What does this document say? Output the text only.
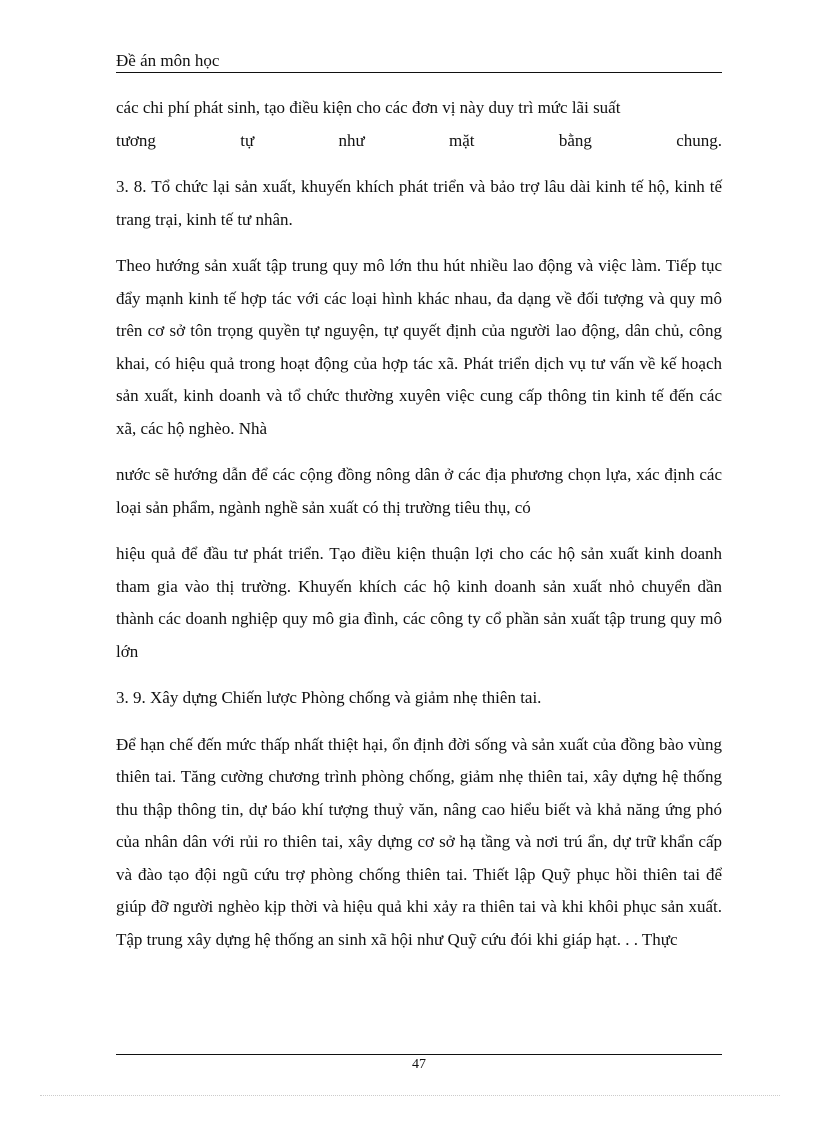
Đề án môn học

các chi phí phát sinh, tạo điều kiện cho các đơn vị này duy trì mức lãi suất

tương tự như mặt bằng chung.

3. 8. Tổ chức lại sản xuất, khuyến khích phát triển và bảo trợ lâu dài kinh tế hộ, kinh tế trang trại, kinh tế tư nhân.

Theo hướng sản xuất tập trung quy mô lớn thu hút nhiều lao động và việc làm. Tiếp tục đẩy mạnh kinh tế hợp tác với các loại hình khác nhau, đa dạng về đối tượng và quy mô trên cơ sở tôn trọng quyền tự nguyện, tự quyết định của người lao động, dân chủ, công khai, có hiệu quả trong hoạt động của hợp tác xã. Phát triển dịch vụ tư vấn về kế hoạch sản xuất, kinh doanh và tổ chức thường xuyên việc cung cấp thông tin kinh tế đến các xã, các hộ nghèo. Nhà

nước sẽ hướng dẫn để các cộng đồng nông dân ở các địa phương chọn lựa, xác định các loại sản phẩm, ngành nghề sản xuất có thị trường tiêu thụ, có

hiệu quả để đầu tư phát triển. Tạo điều kiện thuận lợi cho các hộ sản xuất kinh doanh tham gia vào thị trường. Khuyến khích các hộ kinh doanh sản xuất nhỏ chuyển dần thành các doanh nghiệp quy mô gia đình, các công ty cổ phần sản xuất tập trung quy mô lớn

3. 9. Xây dựng Chiến lược Phòng chống và giảm nhẹ thiên tai.

Để hạn chế đến mức thấp nhất thiệt hại, ổn định đời sống và sản xuất của đồng bào vùng thiên tai. Tăng cường chương trình phòng chống, giảm nhẹ thiên tai, xây dựng hệ thống thu thập thông tin, dự báo khí tượng thuỷ văn, nâng cao hiểu biết và khả năng ứng phó của nhân dân với rủi ro thiên tai, xây dựng cơ sở hạ tầng và nơi trú ẩn, dự trữ khẩn cấp và đào tạo đội ngũ cứu trợ phòng chống thiên tai. Thiết lập Quỹ phục hồi thiên tai để giúp đỡ người nghèo kịp thời và hiệu quả khi xảy ra thiên tai và khi khôi phục sản xuất. Tập trung xây dựng hệ thống an sinh xã hội như Quỹ cứu đói khi giáp hạt. . . Thực

47
